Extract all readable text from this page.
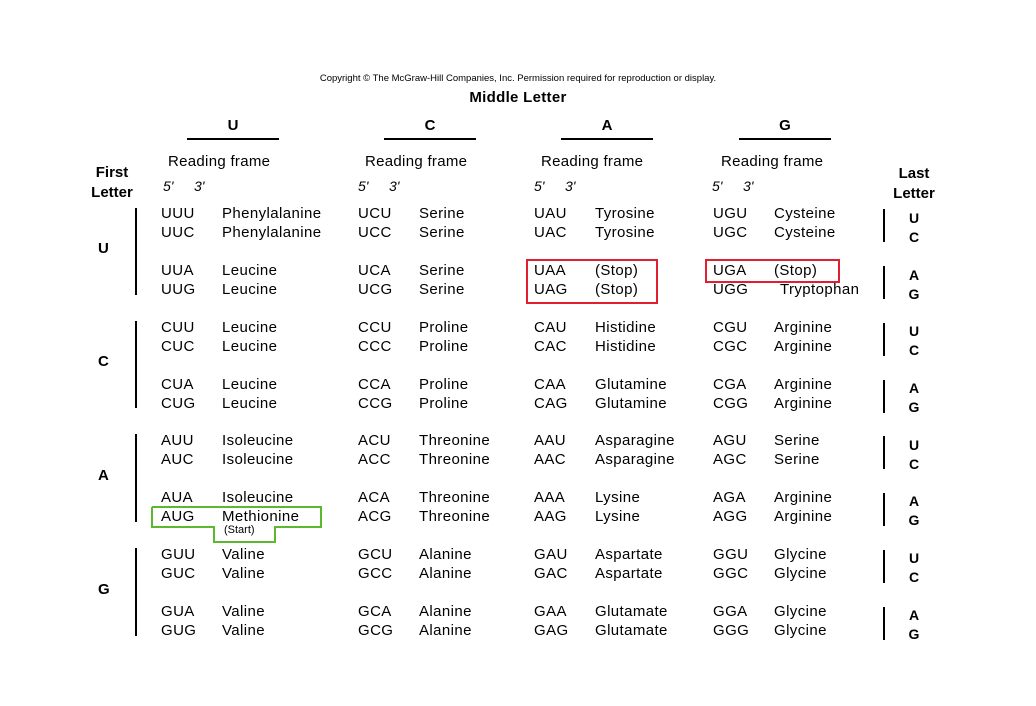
Copyright © The McGraw-Hill Companies, Inc. Permission required for reproduction or display.
Middle Letter
U
Reading frame
5' 3'
C
Reading frame
5' 3'
A
Reading frame
5' 3'
G
Reading frame
5' 3'
First
Letter
Last
Letter
U
C
A
G
U
C
A
G
U
C
A
G
U
C
A
G
U
C
A
G
UUU Phenylalanine UCU Serine	UAU Tyrosine	UGU Cysteine
UUC Phenylalanine UCC Serine	UAC Tyrosine	UGC Cysteine
UUA Leucine	UCA Serine	UAA (Stop)	UGA (Stop)
UUG Leucine	UCG Serine	UAG (Stop)	UGG Tryptophan
CUU Leucine	CCU Proline	CAU Histidine	CGU Arginine
CUC Leucine	CCC Proline	CAC Histidine	CGC Arginine
CUA Leucine	CCA Proline	CAA Glutamine	CGA Arginine
CUG Leucine	CCG Proline	CAG Glutamine	CGG Arginine
AUU Isoleucine	ACU Threonine	AAU Asparagine	AGU Serine
AUC Isoleucine	ACC Threonine	AAC Asparagine	AGC Serine
AUA Isoleucine	ACA Threonine	AAA Lysine	AGA Arginine
AUG Methionine	ACG Threonine	AAG Lysine	AGG Arginine
GUU Valine	GCU Alanine	GAU Aspartate	GGU Glycine
GUC Valine	GCC Alanine	GAC Aspartate	GGC Glycine
GUA Valine	GCA Alanine	GAA Glutamate	GGA Glycine
GUG Valine	GCG Alanine	GAG Glutamate	GGG Glycine
(Start)
